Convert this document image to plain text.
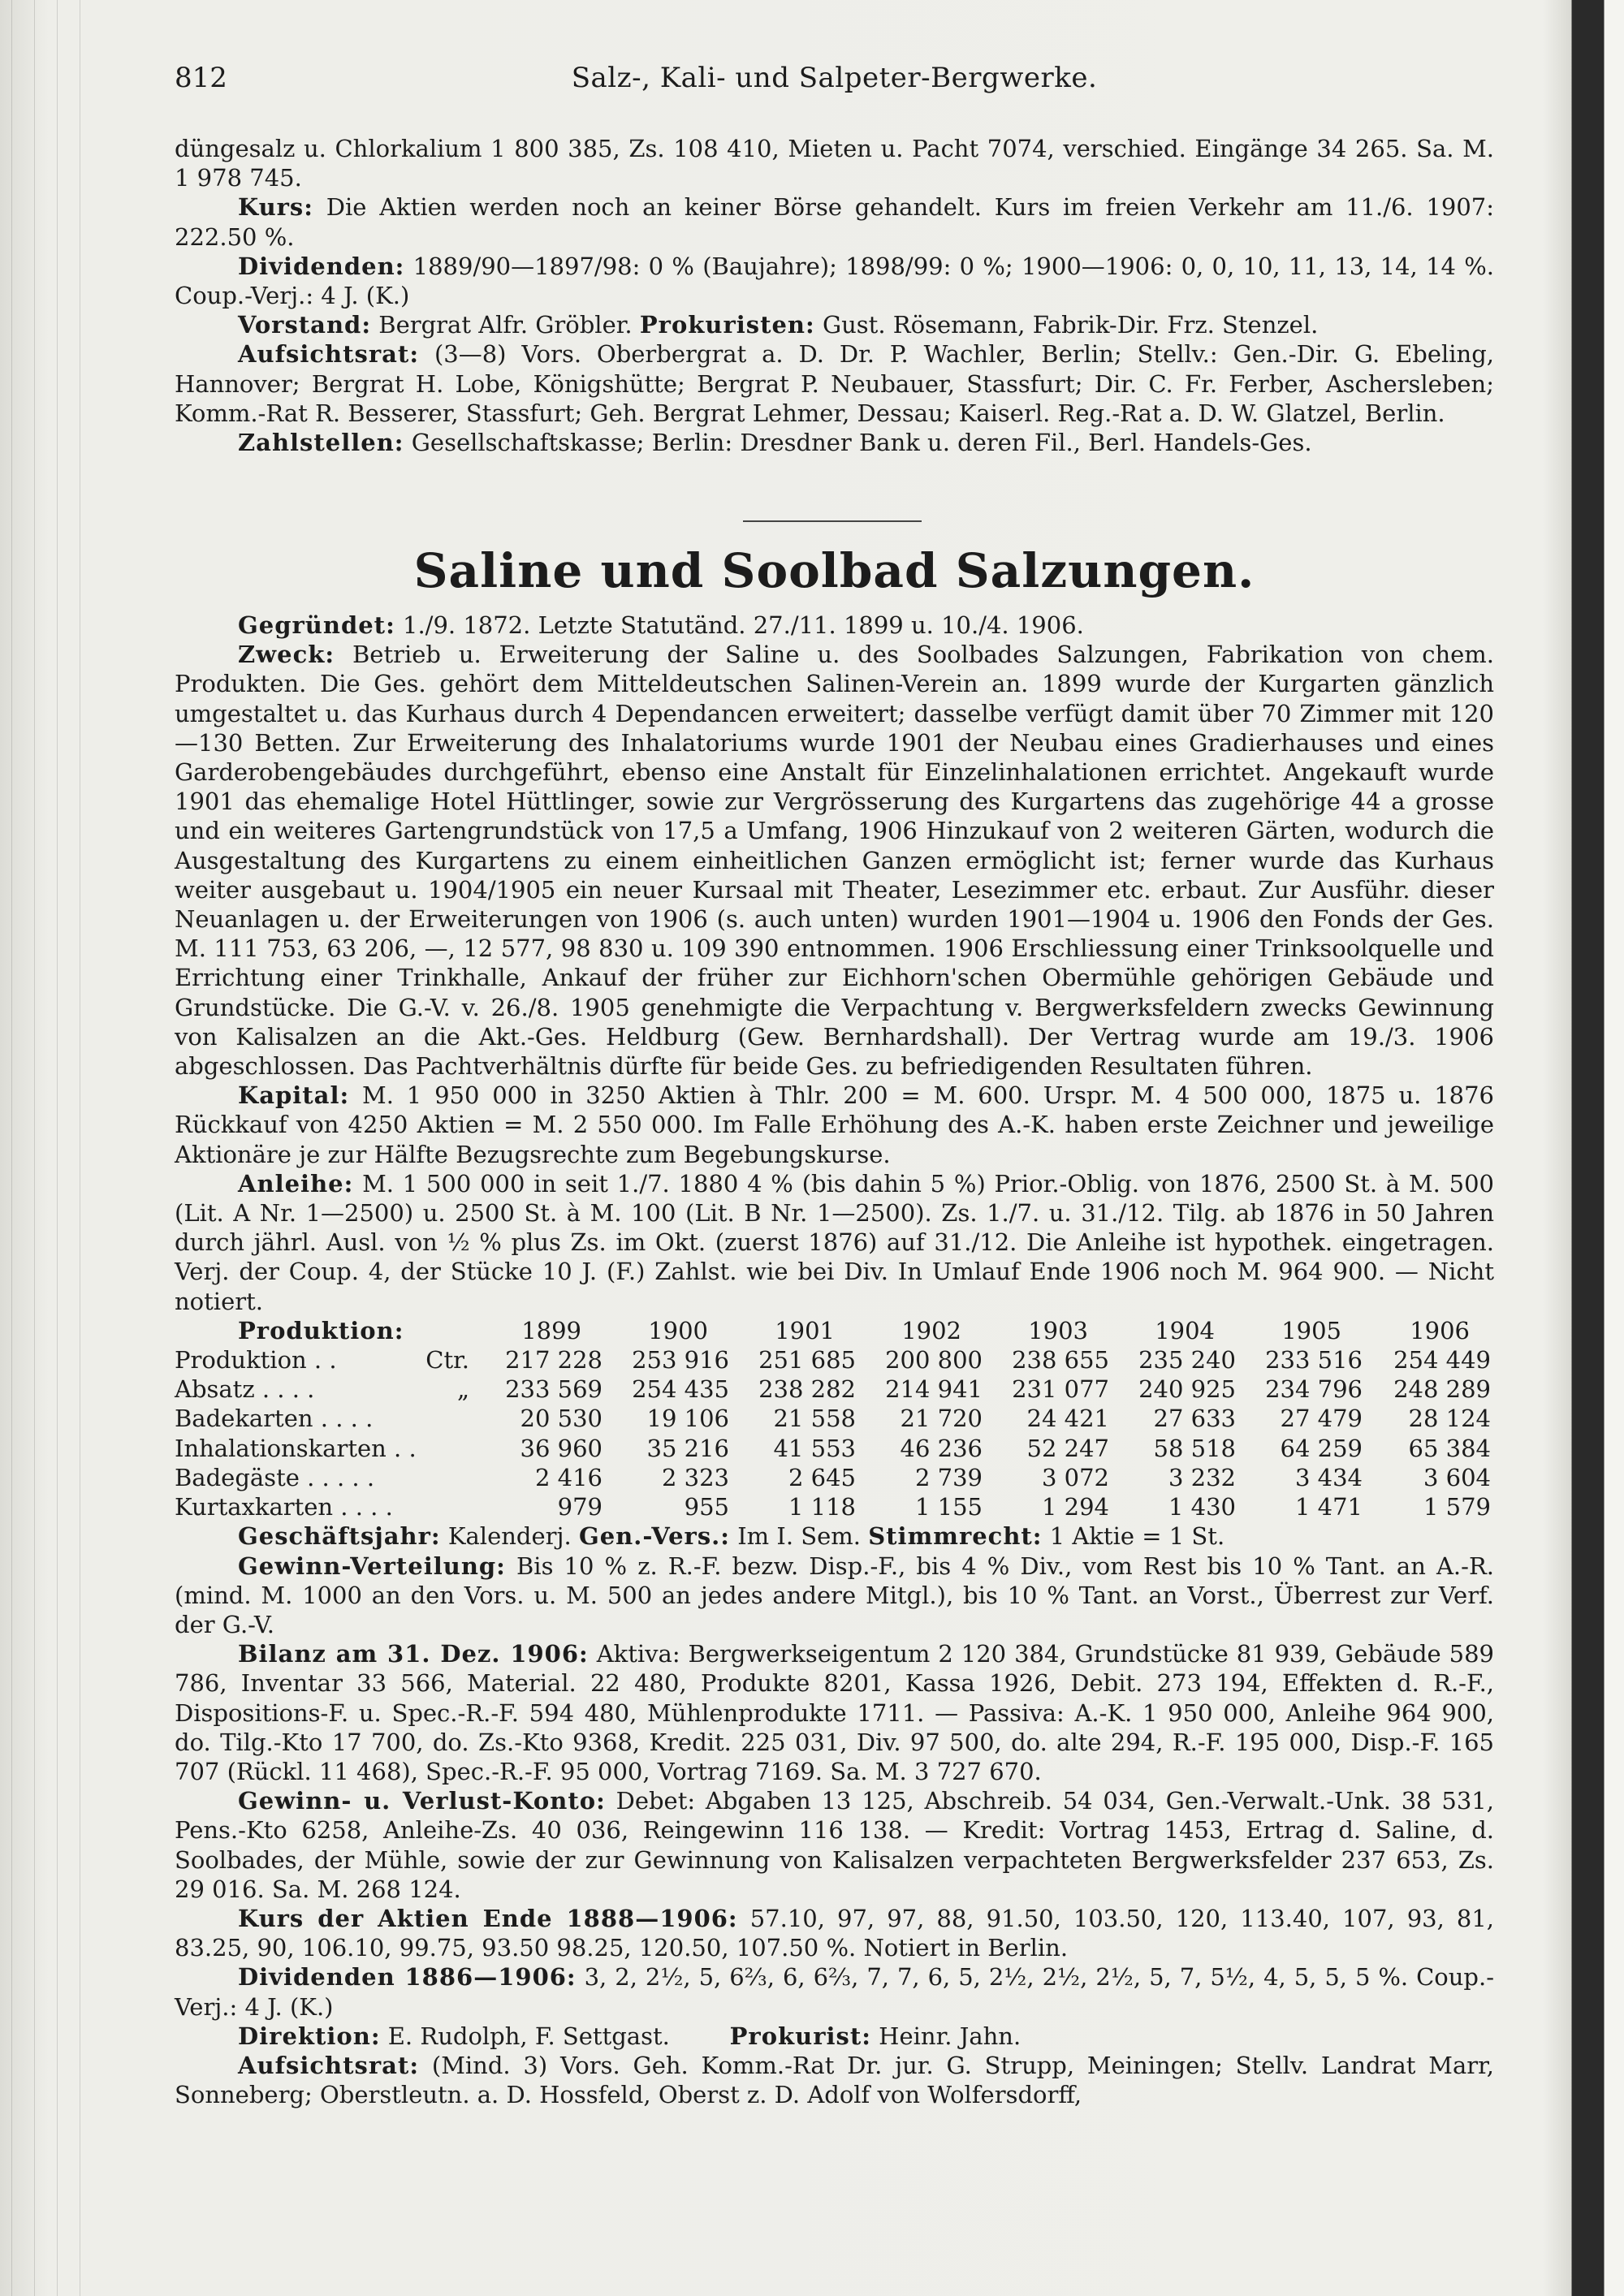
812	Salz-, Kali- und Salpeter-Bergwerke.

düngesalz u. Chlorkalium 1 800 385, Zs. 108 410, Mieten u. Pacht 7074, verschied. Eingänge 34 265. Sa. M. 1 978 745.

Kurs: Die Aktien werden noch an keiner Börse gehandelt. Kurs im freien Verkehr am 11./6. 1907: 222.50 %.

Dividenden: 1889/90—1897/98: 0 % (Baujahre); 1898/99: 0 %; 1900—1906: 0, 0, 10, 11, 13, 14, 14 %. Coup.-Verj.: 4 J. (K.)

Vorstand: Bergrat Alfr. Gröbler. Prokuristen: Gust. Rösemann, Fabrik-Dir. Frz. Stenzel.

Aufsichtsrat: (3—8) Vors. Oberbergrat a. D. Dr. P. Wachler, Berlin; Stellv.: Gen.-Dir. G. Ebeling, Hannover; Bergrat H. Lobe, Königshütte; Bergrat P. Neubauer, Stassfurt; Dir. C. Fr. Ferber, Aschersleben; Komm.-Rat R. Besserer, Stassfurt; Geh. Bergrat Lehmer, Dessau; Kaiserl. Reg.-Rat a. D. W. Glatzel, Berlin.

Zahlstellen: Gesellschaftskasse; Berlin: Dresdner Bank u. deren Fil., Berl. Handels-Ges.

Saline und Soolbad Salzungen.

Gegründet: 1./9. 1872. Letzte Statutänd. 27./11. 1899 u. 10./4. 1906.

Zweck: Betrieb u. Erweiterung der Saline u. des Soolbades Salzungen, Fabrikation von chem. Produkten. Die Ges. gehört dem Mitteldeutschen Salinen-Verein an. 1899 wurde der Kurgarten gänzlich umgestaltet u. das Kurhaus durch 4 Dependancen erweitert; dasselbe verfügt damit über 70 Zimmer mit 120—130 Betten. Zur Erweiterung des Inhalatoriums wurde 1901 der Neubau eines Gradierhauses und eines Garderobengebäudes durchgeführt, ebenso eine Anstalt für Einzelinhalationen errichtet. Angekauft wurde 1901 das ehemalige Hotel Hüttlinger, sowie zur Vergrösserung des Kurgartens das zugehörige 44 a grosse und ein weiteres Gartengrundstück von 17,5 a Umfang, 1906 Hinzukauf von 2 weiteren Gärten, wodurch die Ausgestaltung des Kurgartens zu einem einheitlichen Ganzen ermöglicht ist; ferner wurde das Kurhaus weiter ausgebaut u. 1904/1905 ein neuer Kursaal mit Theater, Lesezimmer etc. erbaut. Zur Ausführ. dieser Neuanlagen u. der Erweiterungen von 1906 (s. auch unten) wurden 1901—1904 u. 1906 den Fonds der Ges. M. 111 753, 63 206, —, 12 577, 98 830 u. 109 390 entnommen. 1906 Erschliessung einer Trinksoolquelle und Errichtung einer Trinkhalle, Ankauf der früher zur Eichhorn'schen Obermühle gehörigen Gebäude und Grundstücke. Die G.-V. v. 26./8. 1905 genehmigte die Verpachtung v. Bergwerksfeldern zwecks Gewinnung von Kalisalzen an die Akt.-Ges. Heldburg (Gew. Bernhardshall). Der Vertrag wurde am 19./3. 1906 abgeschlossen. Das Pachtverhältnis dürfte für beide Ges. zu befriedigenden Resultaten führen.

Kapital: M. 1 950 000 in 3250 Aktien à Thlr. 200 = M. 600. Urspr. M. 4 500 000, 1875 u. 1876 Rückkauf von 4250 Aktien = M. 2 550 000. Im Falle Erhöhung des A.-K. haben erste Zeichner und jeweilige Aktionäre je zur Hälfte Bezugsrechte zum Begebungskurse.

Anleihe: M. 1 500 000 in seit 1./7. 1880 4 % (bis dahin 5 %) Prior.-Oblig. von 1876, 2500 St. à M. 500 (Lit. A Nr. 1—2500) u. 2500 St. à M. 100 (Lit. B Nr. 1—2500). Zs. 1./7. u. 31./12. Tilg. ab 1876 in 50 Jahren durch jährl. Ausl. von ½ % plus Zs. im Okt. (zuerst 1876) auf 31./12. Die Anleihe ist hypothek. eingetragen. Verj. der Coup. 4, der Stücke 10 J. (F.) Zahlst. wie bei Div. In Umlauf Ende 1906 noch M. 964 900. — Nicht notiert.

Produktion:		1899	1900	1901	1902	1903	1904	1905	1906
Produktion . .	Ctr.	217 228	253 916	251 685	200 800	238 655	235 240	233 516	254 449
Absatz . . . .	„	233 569	254 435	238 282	214 941	231 077	240 925	234 796	248 289
Badekarten . . . .		20 530	19 106	21 558	21 720	24 421	27 633	27 479	28 124
Inhalationskarten . .		36 960	35 216	41 553	46 236	52 247	58 518	64 259	65 384
Badegäste . . . . .		2 416	2 323	2 645	2 739	3 072	3 232	3 434	3 604
Kurtaxkarten . . . .		979	955	1 118	1 155	1 294	1 430	1 471	1 579

Geschäftsjahr: Kalenderj. Gen.-Vers.: Im I. Sem. Stimmrecht: 1 Aktie = 1 St.

Gewinn-Verteilung: Bis 10 % z. R.-F. bezw. Disp.-F., bis 4 % Div., vom Rest bis 10 % Tant. an A.-R. (mind. M. 1000 an den Vors. u. M. 500 an jedes andere Mitgl.), bis 10 % Tant. an Vorst., Überrest zur Verf. der G.-V.

Bilanz am 31. Dez. 1906: Aktiva: Bergwerkseigentum 2 120 384, Grundstücke 81 939, Gebäude 589 786, Inventar 33 566, Material. 22 480, Produkte 8201, Kassa 1926, Debit. 273 194, Effekten d. R.-F., Dispositions-F. u. Spec.-R.-F. 594 480, Mühlenprodukte 1711. — Passiva: A.-K. 1 950 000, Anleihe 964 900, do. Tilg.-Kto 17 700, do. Zs.-Kto 9368, Kredit. 225 031, Div. 97 500, do. alte 294, R.-F. 195 000, Disp.-F. 165 707 (Rückl. 11 468), Spec.-R.-F. 95 000, Vortrag 7169. Sa. M. 3 727 670.

Gewinn- u. Verlust-Konto: Debet: Abgaben 13 125, Abschreib. 54 034, Gen.-Verwalt.-Unk. 38 531, Pens.-Kto 6258, Anleihe-Zs. 40 036, Reingewinn 116 138. — Kredit: Vortrag 1453, Ertrag d. Saline, d. Soolbades, der Mühle, sowie der zur Gewinnung von Kalisalzen verpachteten Bergwerksfelder 237 653, Zs. 29 016. Sa. M. 268 124.

Kurs der Aktien Ende 1888—1906: 57.10, 97, 97, 88, 91.50, 103.50, 120, 113.40, 107, 93, 81, 83.25, 90, 106.10, 99.75, 93.50 98.25, 120.50, 107.50 %. Notiert in Berlin.

Dividenden 1886—1906: 3, 2, 2½, 5, 6⅔, 6, 6⅔, 7, 7, 6, 5, 2½, 2½, 2½, 5, 7, 5½, 4, 5, 5, 5 %. Coup.-Verj.: 4 J. (K.)

Direktion: E. Rudolph, F. Settgast.	Prokurist: Heinr. Jahn.

Aufsichtsrat: (Mind. 3) Vors. Geh. Komm.-Rat Dr. jur. G. Strupp, Meiningen; Stellv. Landrat Marr, Sonneberg; Oberstleutn. a. D. Hossfeld, Oberst z. D. Adolf von Wolfersdorff,
